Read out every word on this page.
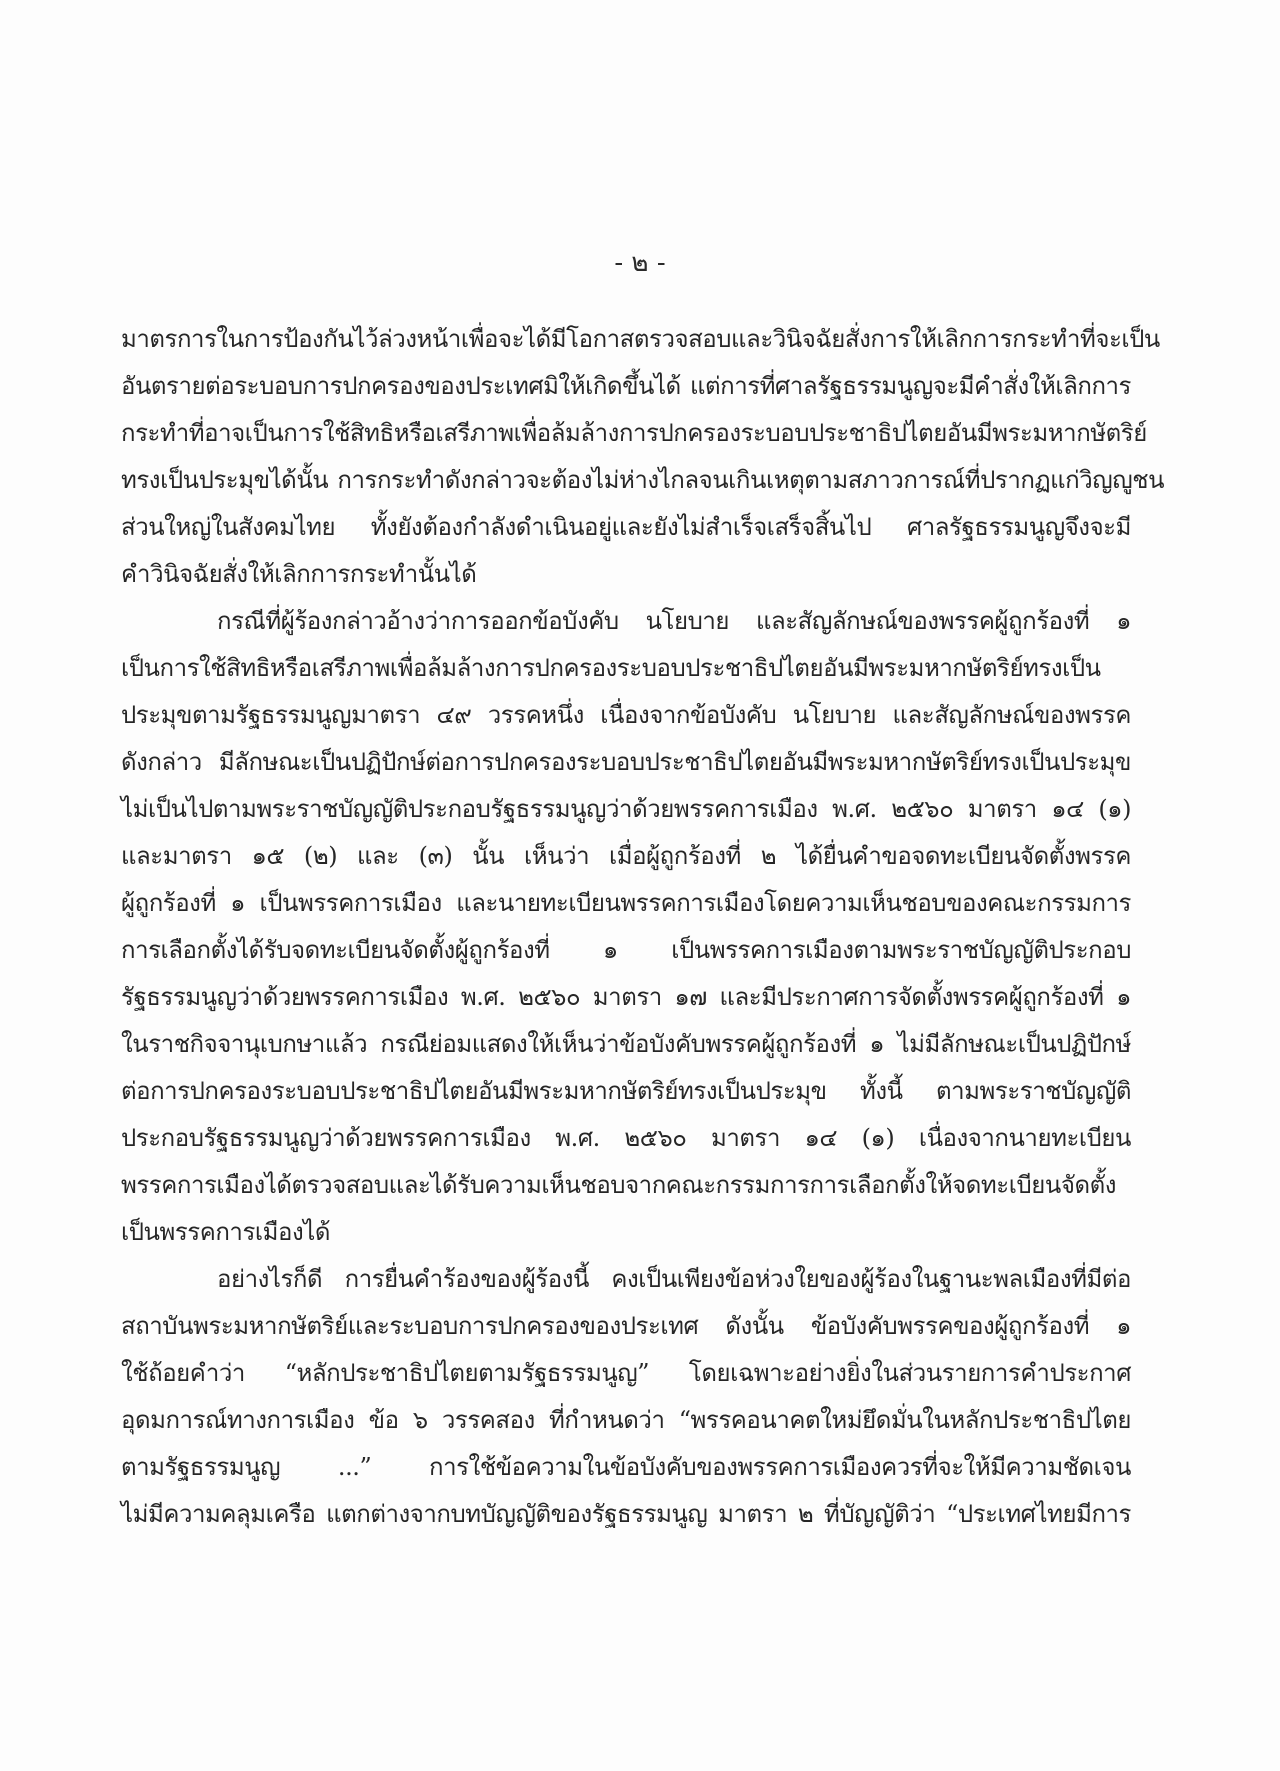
- ๒ -
มาตรการในการป้องกันไว้ล่วงหน้าเพื่อจะได้มีโอกาสตรวจสอบและวินิจฉัยสั่งการให้เลิกการกระทำที่จะเป็น
อันตรายต่อระบอบการปกครองของประเทศมิให้เกิดขึ้นได้ แต่การที่ศาลรัฐธรรมนูญจะมีคำสั่งให้เลิกการ
กระทำที่อาจเป็นการใช้สิทธิหรือเสรีภาพเพื่อล้มล้างการปกครองระบอบประชาธิปไตยอันมีพระมหากษัตริย์
ทรงเป็นประมุขได้นั้น การกระทำดังกล่าวจะต้องไม่ห่างไกลจนเกินเหตุตามสภาวการณ์ที่ปรากฏแก่วิญญูชน
ส่วนใหญ่ในสังคมไทย ทั้งยังต้องกำลังดำเนินอยู่และยังไม่สำเร็จเสร็จสิ้นไป ศาลรัฐธรรมนูญจึงจะมี
คำวินิจฉัยสั่งให้เลิกการกระทำนั้นได้
กรณีที่ผู้ร้องกล่าวอ้างว่าการออกข้อบังคับ นโยบาย และสัญลักษณ์ของพรรคผู้ถูกร้องที่ ๑
เป็นการใช้สิทธิหรือเสรีภาพเพื่อล้มล้างการปกครองระบอบประชาธิปไตยอันมีพระมหากษัตริย์ทรงเป็น
ประมุขตามรัฐธรรมนูญมาตรา ๔๙ วรรคหนึ่ง เนื่องจากข้อบังคับ นโยบาย และสัญลักษณ์ของพรรค
ดังกล่าว มีลักษณะเป็นปฏิปักษ์ต่อการปกครองระบอบประชาธิปไตยอันมีพระมหากษัตริย์ทรงเป็นประมุข
ไม่เป็นไปตามพระราชบัญญัติประกอบรัฐธรรมนูญว่าด้วยพรรคการเมือง พ.ศ. ๒๕๖๐ มาตรา ๑๔ (๑)
และมาตรา ๑๕ (๒) และ (๓) นั้น เห็นว่า เมื่อผู้ถูกร้องที่ ๒ ได้ยื่นคำขอจดทะเบียนจัดตั้งพรรค
ผู้ถูกร้องที่ ๑ เป็นพรรคการเมือง และนายทะเบียนพรรคการเมืองโดยความเห็นชอบของคณะกรรมการ
การเลือกตั้งได้รับจดทะเบียนจัดตั้งผู้ถูกร้องที่ ๑ เป็นพรรคการเมืองตามพระราชบัญญัติประกอบ
รัฐธรรมนูญว่าด้วยพรรคการเมือง พ.ศ. ๒๕๖๐ มาตรา ๑๗ และมีประกาศการจัดตั้งพรรคผู้ถูกร้องที่ ๑
ในราชกิจจานุเบกษาแล้ว กรณีย่อมแสดงให้เห็นว่าข้อบังคับพรรคผู้ถูกร้องที่ ๑ ไม่มีลักษณะเป็นปฏิปักษ์
ต่อการปกครองระบอบประชาธิปไตยอันมีพระมหากษัตริย์ทรงเป็นประมุข ทั้งนี้ ตามพระราชบัญญัติ
ประกอบรัฐธรรมนูญว่าด้วยพรรคการเมือง พ.ศ. ๒๕๖๐ มาตรา ๑๔ (๑) เนื่องจากนายทะเบียน
พรรคการเมืองได้ตรวจสอบและได้รับความเห็นชอบจากคณะกรรมการการเลือกตั้งให้จดทะเบียนจัดตั้ง
เป็นพรรคการเมืองได้
อย่างไรก็ดี การยื่นคำร้องของผู้ร้องนี้ คงเป็นเพียงข้อห่วงใยของผู้ร้องในฐานะพลเมืองที่มีต่อ
สถาบันพระมหากษัตริย์และระบอบการปกครองของประเทศ ดังนั้น ข้อบังคับพรรคของผู้ถูกร้องที่ ๑
ใช้ถ้อยคำว่า “หลักประชาธิปไตยตามรัฐธรรมนูญ” โดยเฉพาะอย่างยิ่งในส่วนรายการคำประกาศ
อุดมการณ์ทางการเมือง ข้อ ๖ วรรคสอง ที่กำหนดว่า “พรรคอนาคตใหม่ยึดมั่นในหลักประชาธิปไตย
ตามรัฐธรรมนูญ ...” การใช้ข้อความในข้อบังคับของพรรคการเมืองควรที่จะให้มีความชัดเจน
ไม่มีความคลุมเครือ แตกต่างจากบทบัญญัติของรัฐธรรมนูญ มาตรา ๒ ที่บัญญัติว่า “ประเทศไทยมีการ
